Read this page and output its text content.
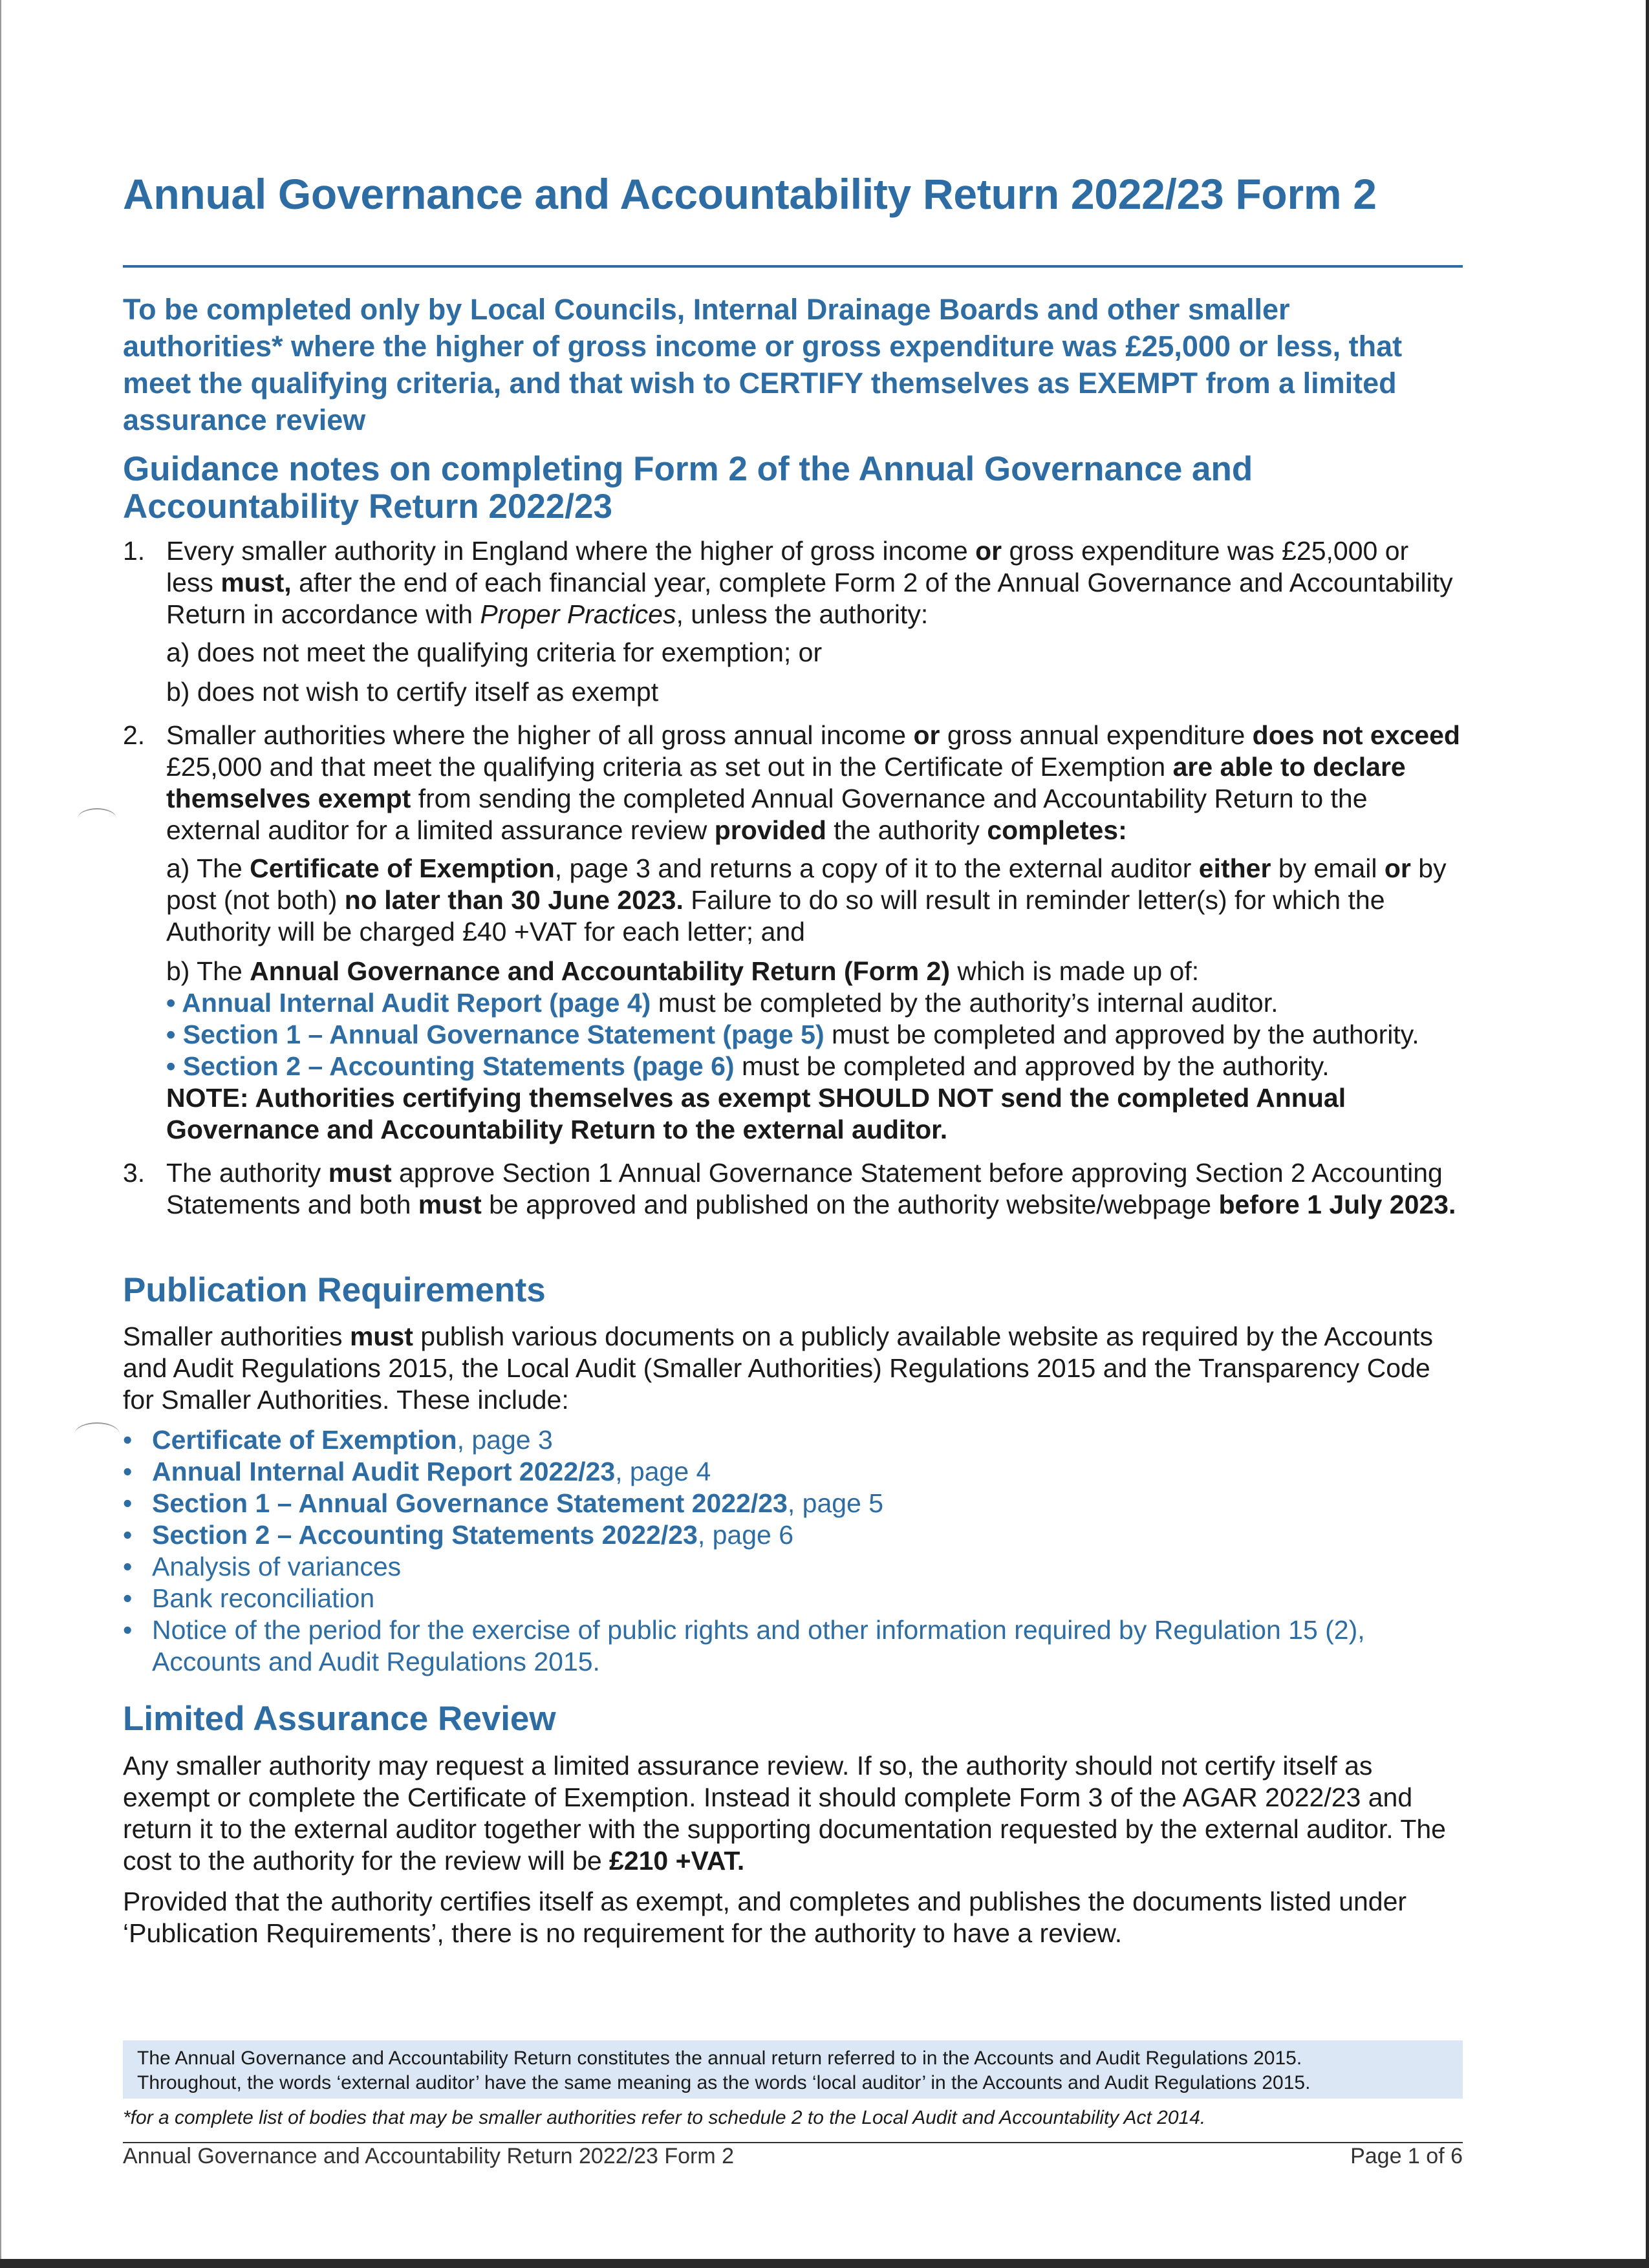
Annual Governance and Accountability Return 2022/23 Form 2

To be completed only by Local Councils, Internal Drainage Boards and other smaller authorities* where the higher of gross income or gross expenditure was £25,000 or less, that meet the qualifying criteria, and that wish to CERTIFY themselves as EXEMPT from a limited assurance review

Guidance notes on completing Form 2 of the Annual Governance and Accountability Return 2022/23
1. Every smaller authority in England where the higher of gross income or gross expenditure was £25,000 or less must, after the end of each financial year, complete Form 2 of the Annual Governance and Accountability Return in accordance with Proper Practices, unless the authority:

a) does not meet the qualifying criteria for exemption; or

b) does not wish to certify itself as exempt

2. Smaller authorities where the higher of all gross annual income or gross annual expenditure does not exceed £25,000 and that meet the qualifying criteria as set out in the Certificate of Exemption are able to declare themselves exempt from sending the completed Annual Governance and Accountability Return to the external auditor for a limited assurance review provided the authority completes:

a) The Certificate of Exemption, page 3 and returns a copy of it to the external auditor either by email or by post (not both) no later than 30 June 2023. Failure to do so will result in reminder letter(s) for which the Authority will be charged £40 +VAT for each letter; and

b) The Annual Governance and Accountability Return (Form 2) which is made up of:
• Annual Internal Audit Report (page 4) must be completed by the authority’s internal auditor.
• Section 1 – Annual Governance Statement (page 5) must be completed and approved by the authority.
• Section 2 – Accounting Statements (page 6) must be completed and approved by the authority.
NOTE: Authorities certifying themselves as exempt SHOULD NOT send the completed Annual Governance and Accountability Return to the external auditor.
3. The authority must approve Section 1 Annual Governance Statement before approving Section 2 Accounting Statements and both must be approved and published on the authority website/webpage before 1 July 2023.
Publication Requirements

Smaller authorities must publish various documents on a publicly available website as required by the Accounts and Audit Regulations 2015, the Local Audit (Smaller Authorities) Regulations 2015 and the Transparency Code for Smaller Authorities. These include:

• Certificate of Exemption, page 3
• Annual Internal Audit Report 2022/23, page 4
• Section 1 – Annual Governance Statement 2022/23, page 5
• Section 2 – Accounting Statements 2022/23, page 6
• Analysis of variances
• Bank reconciliation
• Notice of the period for the exercise of public rights and other information required by Regulation 15 (2), Accounts and Audit Regulations 2015.
Limited Assurance Review

Any smaller authority may request a limited assurance review. If so, the authority should not certify itself as exempt or complete the Certificate of Exemption. Instead it should complete Form 3 of the AGAR 2022/23 and return it to the external auditor together with the supporting documentation requested by the external auditor. The cost to the authority for the review will be £210 +VAT.

Provided that the authority certifies itself as exempt, and completes and publishes the documents listed under ‘Publication Requirements’, there is no requirement for the authority to have a review.

The Annual Governance and Accountability Return constitutes the annual return referred to in the Accounts and Audit Regulations 2015.
Throughout, the words ‘external auditor’ have the same meaning as the words ‘local auditor’ in the Accounts and Audit Regulations 2015.
*for a complete list of bodies that may be smaller authorities refer to schedule 2 to the Local Audit and Accountability Act 2014.
Annual Governance and Accountability Return 2022/23 Form 2	Page 1 of 6
